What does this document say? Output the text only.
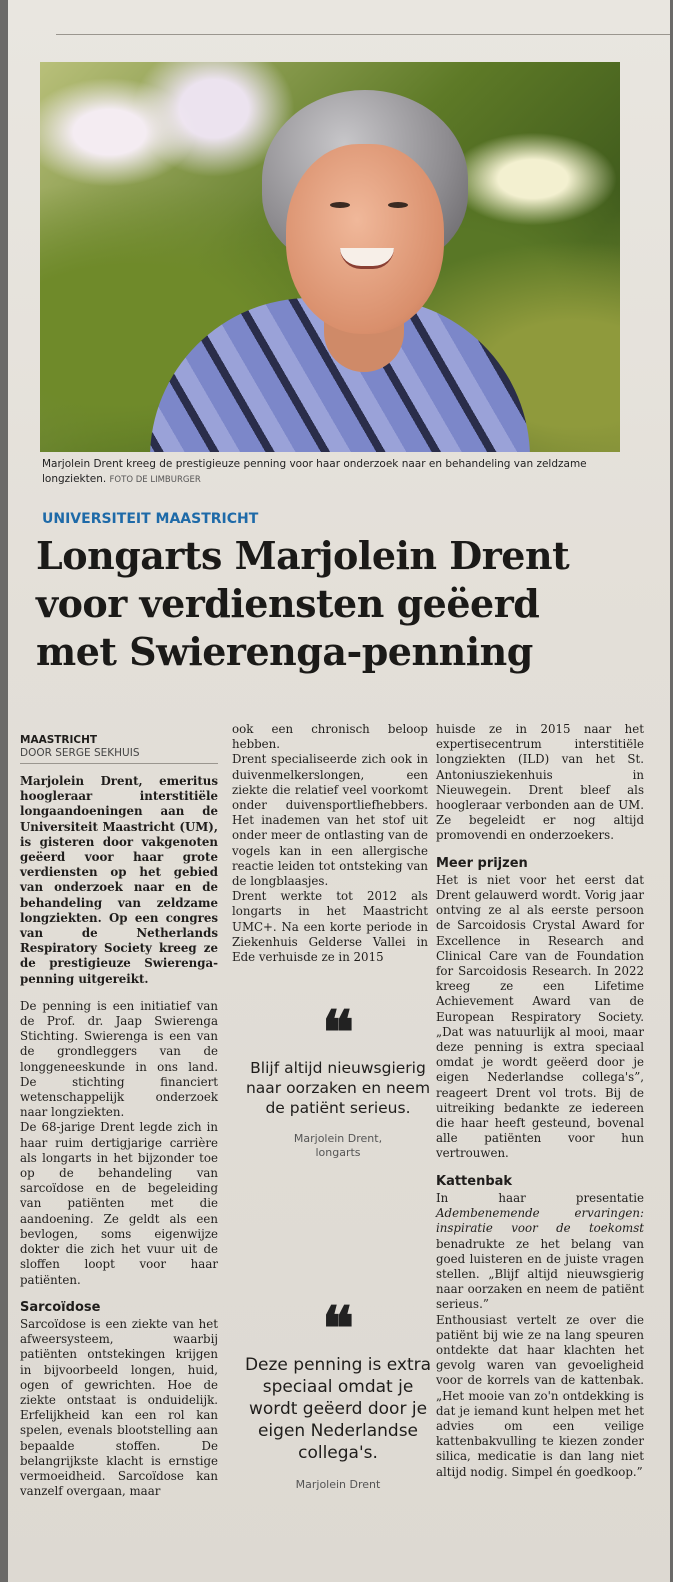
Marjolein Drent kreeg de prestigieuze penning voor haar onderzoek naar en behandeling van zeldzame longziekten. FOTO DE LIMBURGER
UNIVERSITEIT MAASTRICHT
Longarts Marjolein Drent
voor verdiensten geëerd
met Swierenga-penning
MAASTRICHT
DOOR SERGE SEKHUIS

Marjolein Drent, emeritus hoogleraar interstitiële longaandoeningen aan de Universiteit Maastricht (UM), is gisteren door vakgenoten geëerd voor haar grote verdiensten op het gebied van onderzoek naar en de behandeling van zeldzame longziekten. Op een congres van de Netherlands Respiratory Society kreeg ze de prestigieuze Swierenga-penning uitgereikt.

De penning is een initiatief van de Prof. dr. Jaap Swierenga Stichting. Swierenga is een van de grondleggers van de longgeneeskunde in ons land. De stichting financiert wetenschappelijk onderzoek naar longziekten.

De 68-jarige Drent legde zich in haar ruim dertigjarige carrière als longarts in het bijzonder toe op de behandeling van sarcoïdose en de begeleiding van patiënten met die aandoening. Ze geldt als een bevlogen, soms eigenwijze dokter die zich het vuur uit de sloffen loopt voor haar patiënten.

Sarcoïdose

Sarcoïdose is een ziekte van het afweersysteem, waarbij patiënten ontstekingen krijgen in bijvoorbeeld longen, huid, ogen of gewrichten. Hoe de ziekte ontstaat is onduidelijk. Erfelijkheid kan een rol kan spelen, evenals blootstelling aan bepaalde stoffen. De belangrijkste klacht is ernstige vermoeidheid. Sarcoïdose kan vanzelf overgaan, maar

ook een chronisch beloop hebben.

Drent specialiseerde zich ook in duivenmelkerslongen, een ziekte die relatief veel voorkomt onder duivensportliefhebbers. Het inademen van het stof uit onder meer de ontlasting van de vogels kan in een allergische reactie leiden tot ontsteking van de longblaasjes.

Drent werkte tot 2012 als longarts in het Maastricht UMC+. Na een korte periode in Ziekenhuis Gelderse Vallei in Ede verhuisde ze in 2015

❝
Blijf altijd nieuwsgierig naar oorzaken en neem de patiënt serieus.
Marjolein Drent,
longarts
❝
Deze penning is extra speciaal omdat je wordt geëerd door je eigen Nederlandse collega's.
Marjolein Drent

huisde ze in 2015 naar het expertisecentrum interstitiële longziekten (ILD) van het St. Antoniusziekenhuis in Nieuwegein. Drent bleef als hoogleraar verbonden aan de UM. Ze begeleidt er nog altijd promovendi en onderzoekers.

Meer prijzen

Het is niet voor het eerst dat Drent gelauwerd wordt. Vorig jaar ontving ze al als eerste persoon de Sarcoidosis Crystal Award for Excellence in Research and Clinical Care van de Foundation for Sarcoidosis Research. In 2022 kreeg ze een Lifetime Achievement Award van de European Respiratory Society. „Dat was natuurlijk al mooi, maar deze penning is extra speciaal omdat je wordt geëerd door je eigen Nederlandse collega's”, reageert Drent vol trots. Bij de uitreiking bedankte ze iedereen die haar heeft gesteund, bovenal alle patiënten voor hun vertrouwen.

Kattenbak

In haar presentatie Adembenemende ervaringen: inspiratie voor de toekomst benadrukte ze het belang van goed luisteren en de juiste vragen stellen. „Blijf altijd nieuwsgierig naar oorzaken en neem de patiënt serieus.”

Enthousiast vertelt ze over die patiënt bij wie ze na lang speuren ontdekte dat haar klachten het gevolg waren van gevoeligheid voor de korrels van de kattenbak. „Het mooie van zo'n ontdekking is dat je iemand kunt helpen met het advies om een veilige kattenbakvulling te kiezen zonder silica, medicatie is dan lang niet altijd nodig. Simpel én goedkoop.”
